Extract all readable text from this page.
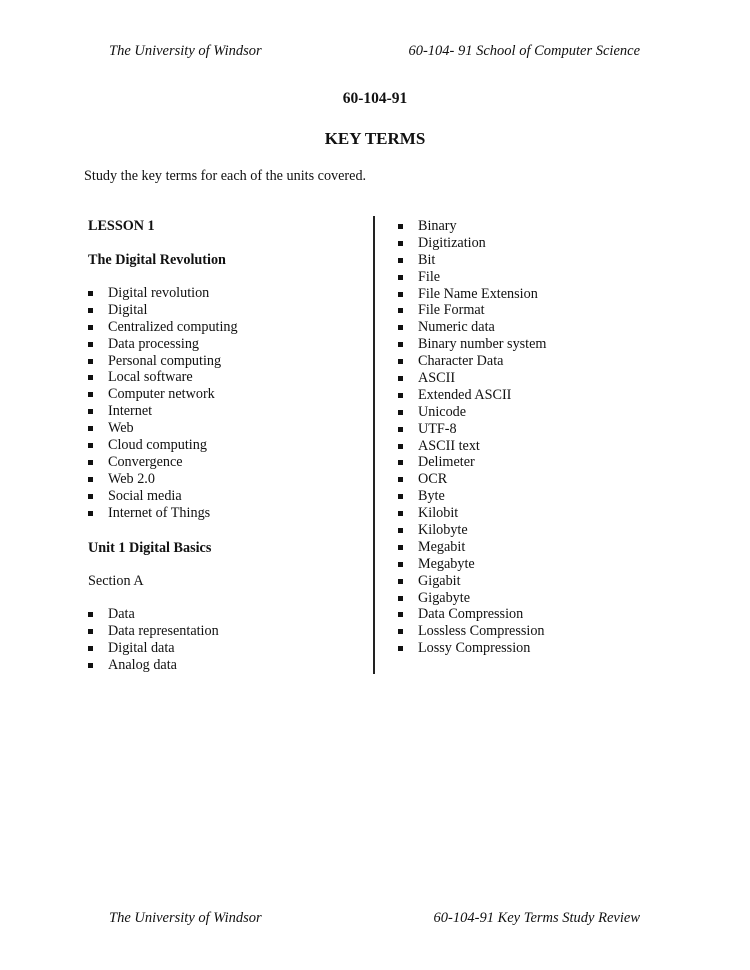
The University of Windsor	60-104- 91 School of Computer Science
60-104-91
KEY TERMS
Study the key terms for each of the units covered.
LESSON 1
The Digital Revolution
Digital revolution
Digital
Centralized computing
Data processing
Personal computing
Local software
Computer network
Internet
Web
Cloud computing
Convergence
Web 2.0
Social media
Internet of Things
Unit 1 Digital Basics
Section A
Data
Data representation
Digital data
Analog data
Binary
Digitization
Bit
File
File Name Extension
File Format
Numeric data
Binary number system
Character Data
ASCII
Extended ASCII
Unicode
UTF-8
ASCII text
Delimeter
OCR
Byte
Kilobit
Kilobyte
Megabit
Megabyte
Gigabit
Gigabyte
Data Compression
Lossless Compression
Lossy Compression
The University of Windsor	60-104-91 Key Terms Study Review
